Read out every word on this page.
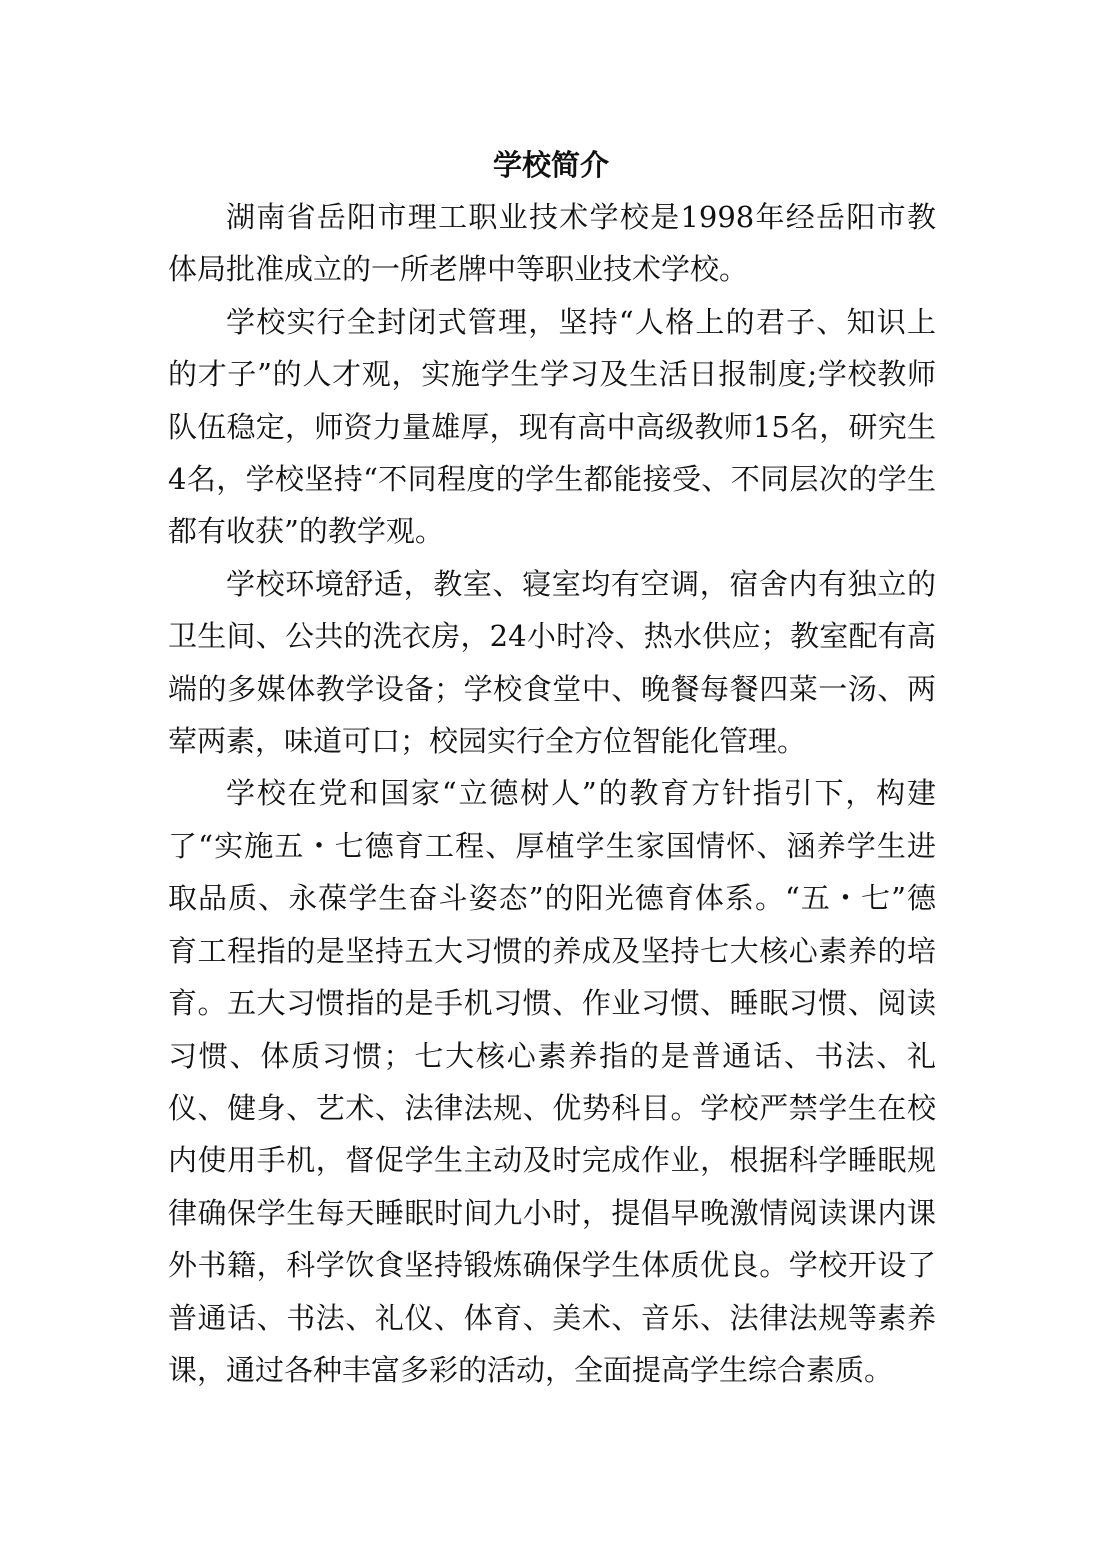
学校简介

湖南省岳阳市理工职业技术学校是1998年经岳阳市教体局批准成立的一所老牌中等职业技术学校。

学校实行全封闭式管理，坚持“人格上的君子、知识上的才子”的人才观，实施学生学习及生活日报制度;学校教师队伍稳定，师资力量雄厚，现有高中高级教师15名，研究生4名，学校坚持“不同程度的学生都能接受、不同层次的学生都有收获”的教学观。

学校环境舒适，教室、寝室均有空调，宿舍内有独立的卫生间、公共的洗衣房，24小时冷、热水供应；教室配有高端的多媒体教学设备；学校食堂中、晚餐每餐四菜一汤、两荤两素，味道可口；校园实行全方位智能化管理。

学校在党和国家“立德树人”的教育方针指引下，构建了“实施五・七德育工程、厚植学生家国情怀、涵养学生进取品质、永葆学生奋斗姿态”的阳光德育体系。“五・七”德育工程指的是坚持五大习惯的养成及坚持七大核心素养的培育。五大习惯指的是手机习惯、作业习惯、睡眠习惯、阅读习惯、体质习惯；七大核心素养指的是普通话、书法、礼仪、健身、艺术、法律法规、优势科目。学校严禁学生在校内使用手机，督促学生主动及时完成作业，根据科学睡眠规律确保学生每天睡眠时间九小时，提倡早晚激情阅读课内课外书籍，科学饮食坚持锻炼确保学生体质优良。学校开设了普通话、书法、礼仪、体育、美术、音乐、法律法规等素养课，通过各种丰富多彩的活动，全面提高学生综合素质。
